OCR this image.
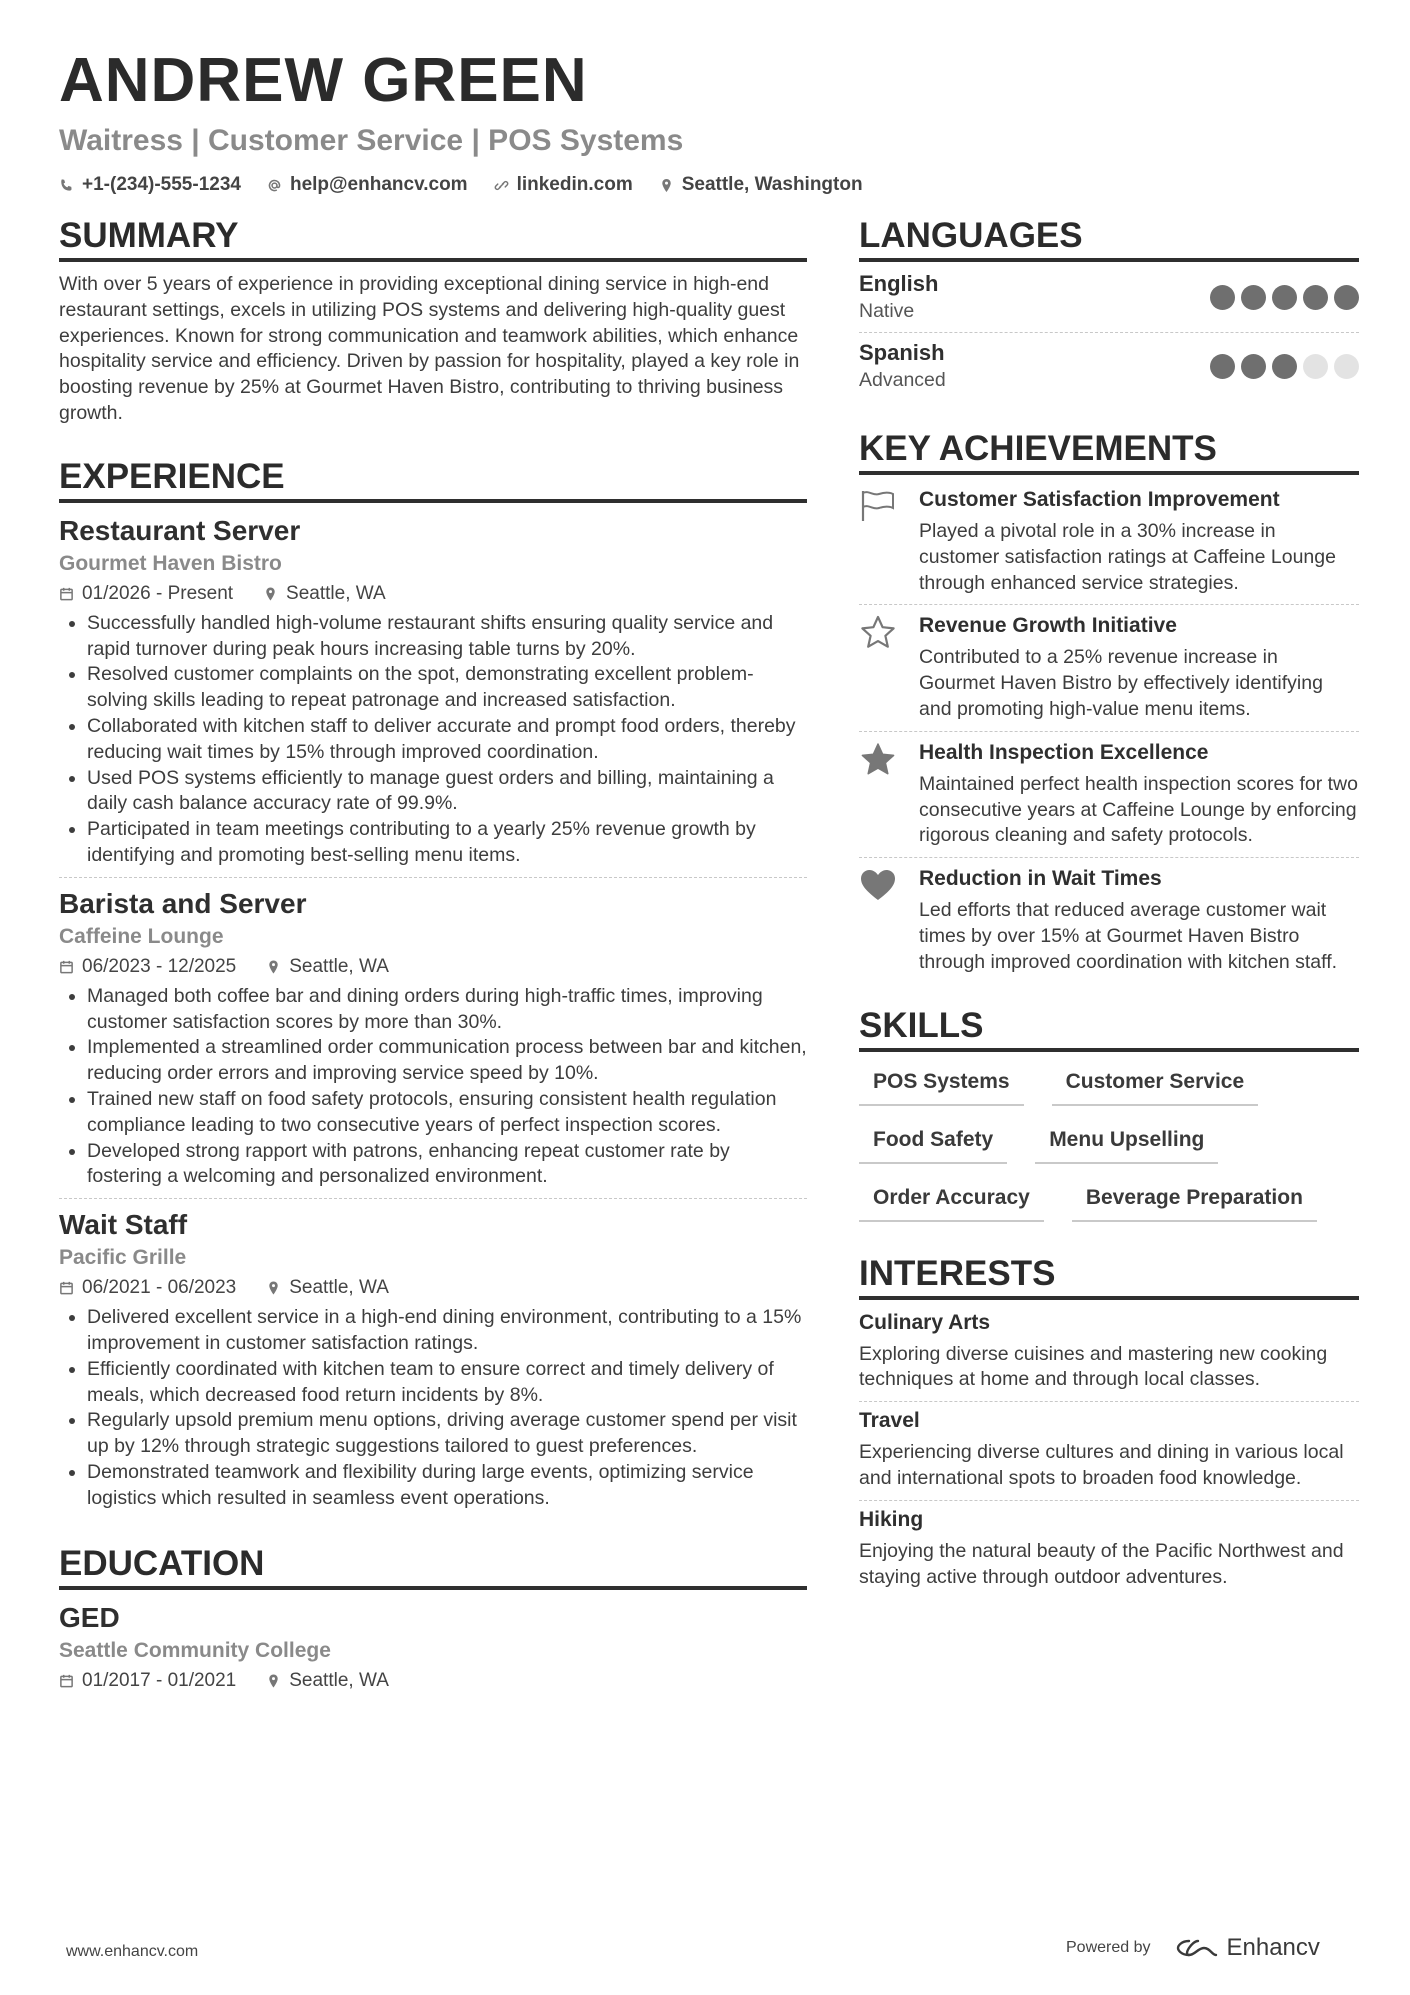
ANDREW GREEN
Waitress | Customer Service | POS Systems
+1-(234)-555-1234	help@enhancv.com	linkedin.com	Seattle, Washington
SUMMARY

With over 5 years of experience in providing exceptional dining service in high-end restaurant settings, excels in utilizing POS systems and delivering high-quality guest experiences. Known for strong communication and teamwork abilities, which enhance hospitality service and efficiency. Driven by passion for hospitality, played a key role in boosting revenue by 25% at Gourmet Haven Bistro, contributing to thriving business growth.

EXPERIENCE
Restaurant Server
Gourmet Haven Bistro
01/2026 - Present	Seattle, WA
• Successfully handled high-volume restaurant shifts ensuring quality service and rapid turnover during peak hours increasing table turns by 20%.
• Resolved customer complaints on the spot, demonstrating excellent problem-solving skills leading to repeat patronage and increased satisfaction.
• Collaborated with kitchen staff to deliver accurate and prompt food orders, thereby reducing wait times by 15% through improved coordination.
• Used POS systems efficiently to manage guest orders and billing, maintaining a daily cash balance accuracy rate of 99.9%.
• Participated in team meetings contributing to a yearly 25% revenue growth by identifying and promoting best-selling menu items.
Barista and Server
Caffeine Lounge
06/2023 - 12/2025	Seattle, WA
• Managed both coffee bar and dining orders during high-traffic times, improving customer satisfaction scores by more than 30%.
• Implemented a streamlined order communication process between bar and kitchen, reducing order errors and improving service speed by 10%.
• Trained new staff on food safety protocols, ensuring consistent health regulation compliance leading to two consecutive years of perfect inspection scores.
• Developed strong rapport with patrons, enhancing repeat customer rate by fostering a welcoming and personalized environment.
Wait Staff
Pacific Grille
06/2021 - 06/2023	Seattle, WA
• Delivered excellent service in a high-end dining environment, contributing to a 15% improvement in customer satisfaction ratings.
• Efficiently coordinated with kitchen team to ensure correct and timely delivery of meals, which decreased food return incidents by 8%.
• Regularly upsold premium menu options, driving average customer spend per visit up by 12% through strategic suggestions tailored to guest preferences.
• Demonstrated teamwork and flexibility during large events, optimizing service logistics which resulted in seamless event operations.
EDUCATION
GED
Seattle Community College
01/2017 - 01/2021	Seattle, WA
LANGUAGES
English
Native
Spanish
Advanced
KEY ACHIEVEMENTS
Customer Satisfaction Improvement
Played a pivotal role in a 30% increase in customer satisfaction ratings at Caffeine Lounge through enhanced service strategies.
Revenue Growth Initiative
Contributed to a 25% revenue increase in Gourmet Haven Bistro by effectively identifying and promoting high-value menu items.
Health Inspection Excellence
Maintained perfect health inspection scores for two consecutive years at Caffeine Lounge by enforcing rigorous cleaning and safety protocols.
Reduction in Wait Times
Led efforts that reduced average customer wait times by over 15% at Gourmet Haven Bistro through improved coordination with kitchen staff.
SKILLS
POS Systems	Customer Service
Food Safety	Menu Upselling
Order Accuracy	Beverage Preparation
INTERESTS
Culinary Arts
Exploring diverse cuisines and mastering new cooking techniques at home and through local classes.
Travel
Experiencing diverse cultures and dining in various local and international spots to broaden food knowledge.
Hiking
Enjoying the natural beauty of the Pacific Northwest and staying active through outdoor adventures.
www.enhancv.com	Powered by	Enhancv
